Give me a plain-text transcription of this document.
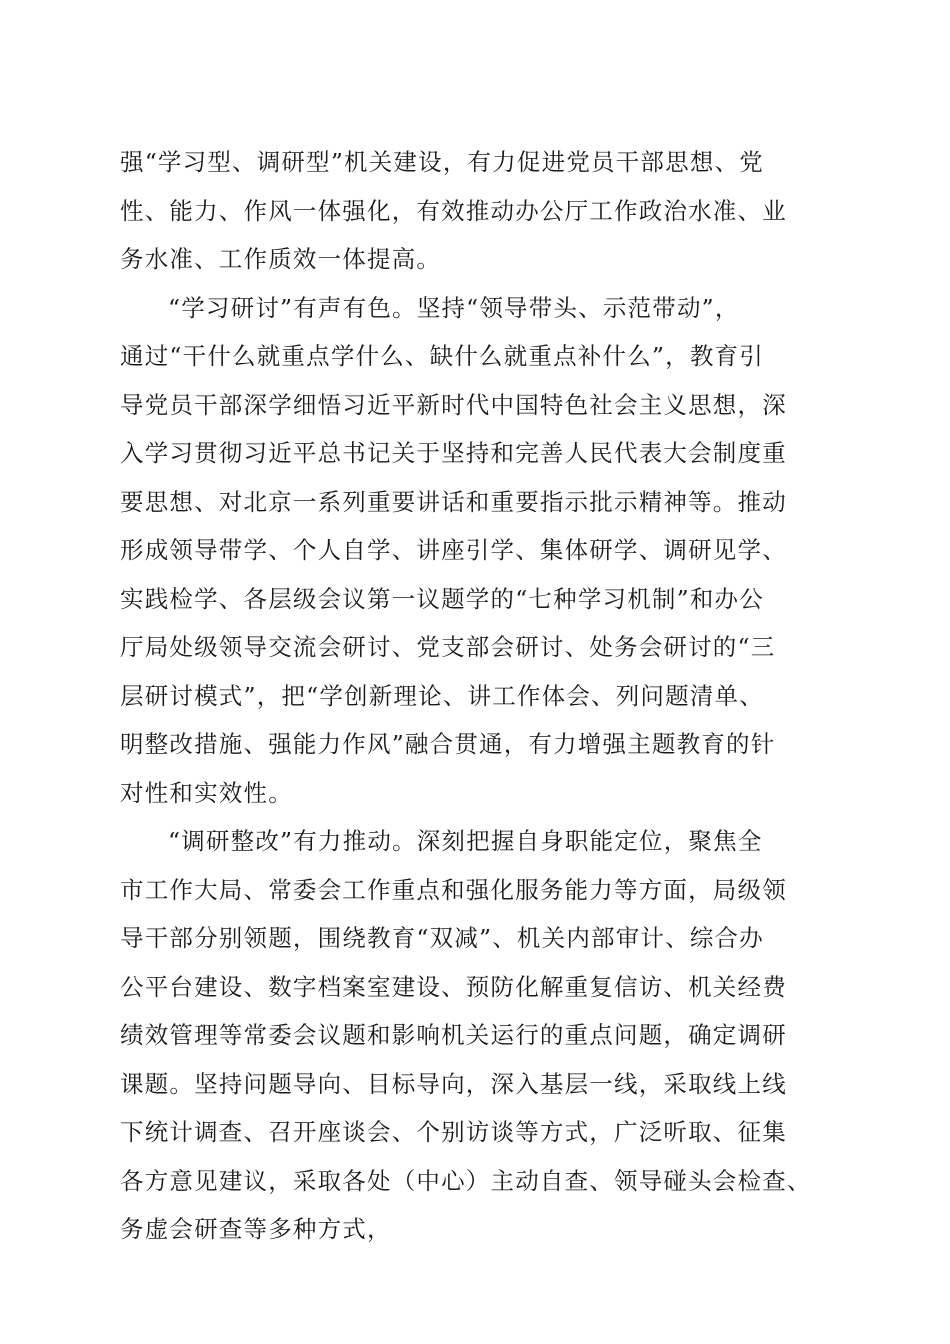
强“学习型、调研型”机关建设，有力促进党员干部思想、党
性、能力、作风一体强化，有效推动办公厅工作政治水准、业
务水准、工作质效一体提高。
“学习研讨”有声有色。坚持“领导带头、示范带动”，
通过“干什么就重点学什么、缺什么就重点补什么”，教育引
导党员干部深学细悟习近平新时代中国特色社会主义思想，深
入学习贯彻习近平总书记关于坚持和完善人民代表大会制度重
要思想、对北京一系列重要讲话和重要指示批示精神等。推动
形成领导带学、个人自学、讲座引学、集体研学、调研见学、
实践检学、各层级会议第一议题学的“七种学习机制”和办公
厅局处级领导交流会研讨、党支部会研讨、处务会研讨的“三
层研讨模式”，把“学创新理论、讲工作体会、列问题清单、
明整改措施、强能力作风”融合贯通，有力增强主题教育的针
对性和实效性。
“调研整改”有力推动。深刻把握自身职能定位，聚焦全
市工作大局、常委会工作重点和强化服务能力等方面，局级领
导干部分别领题，围绕教育“双减”、机关内部审计、综合办
公平台建设、数字档案室建设、预防化解重复信访、机关经费
绩效管理等常委会议题和影响机关运行的重点问题，确定调研
课题。坚持问题导向、目标导向，深入基层一线，采取线上线
下统计调查、召开座谈会、个别访谈等方式，广泛听取、征集
各方意见建议，采取各处（中心）主动自查、领导碰头会检查、
务虚会研查等多种方式，
